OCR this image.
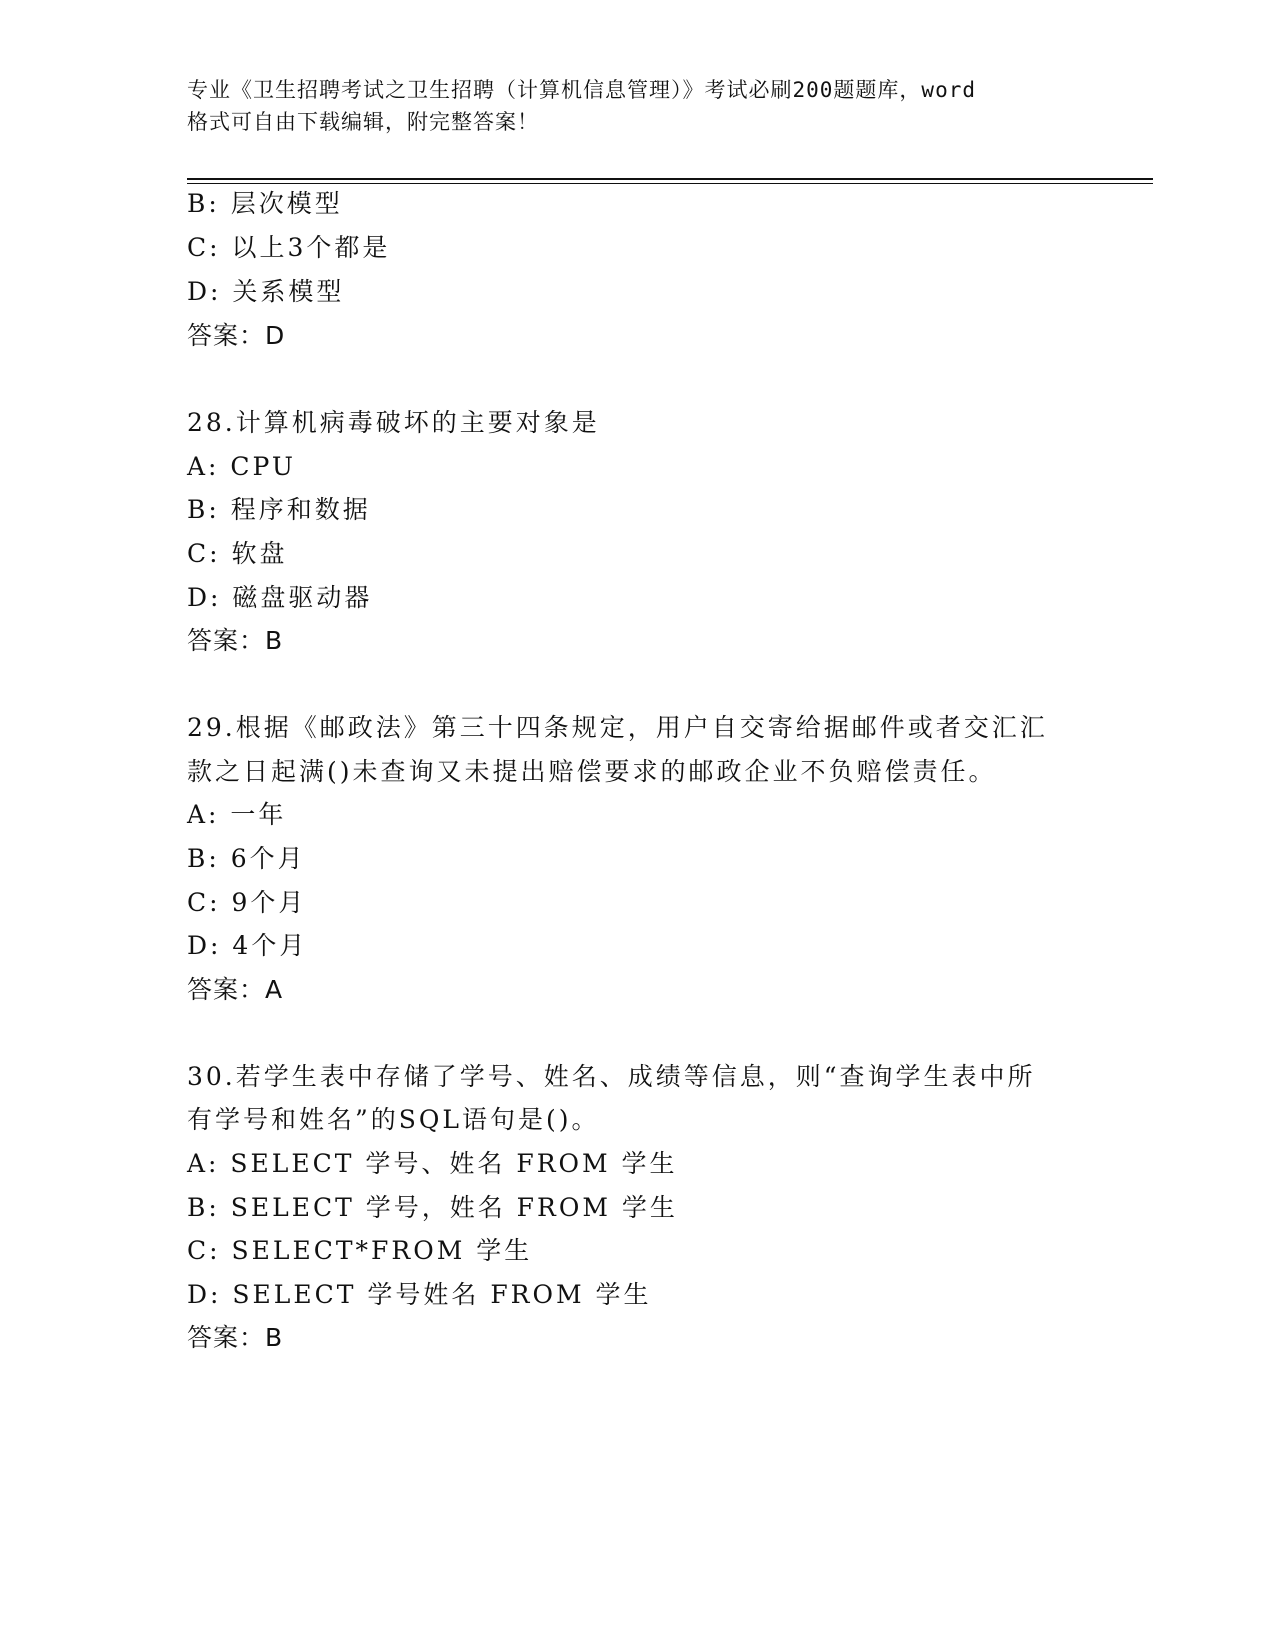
专业《卫生招聘考试之卫生招聘（计算机信息管理）》考试必刷200题题库，word
格式可自由下载编辑，附完整答案！
B: 层次模型
C: 以上3个都是
D: 关系模型
答案：D
28.计算机病毒破坏的主要对象是
A: CPU
B: 程序和数据
C: 软盘
D: 磁盘驱动器
答案：B
29.根据《邮政法》第三十四条规定，用户自交寄给据邮件或者交汇汇
款之日起满()未查询又未提出赔偿要求的邮政企业不负赔偿责任。
A: 一年
B: 6个月
C: 9个月
D: 4个月
答案：A
30.若学生表中存储了学号、姓名、成绩等信息，则“查询学生表中所
有学号和姓名”的SQL语句是()。
A: SELECT 学号、姓名 FROM 学生
B: SELECT 学号，姓名 FROM 学生
C: SELECT*FROM 学生
D: SELECT 学号姓名 FROM 学生
答案：B
